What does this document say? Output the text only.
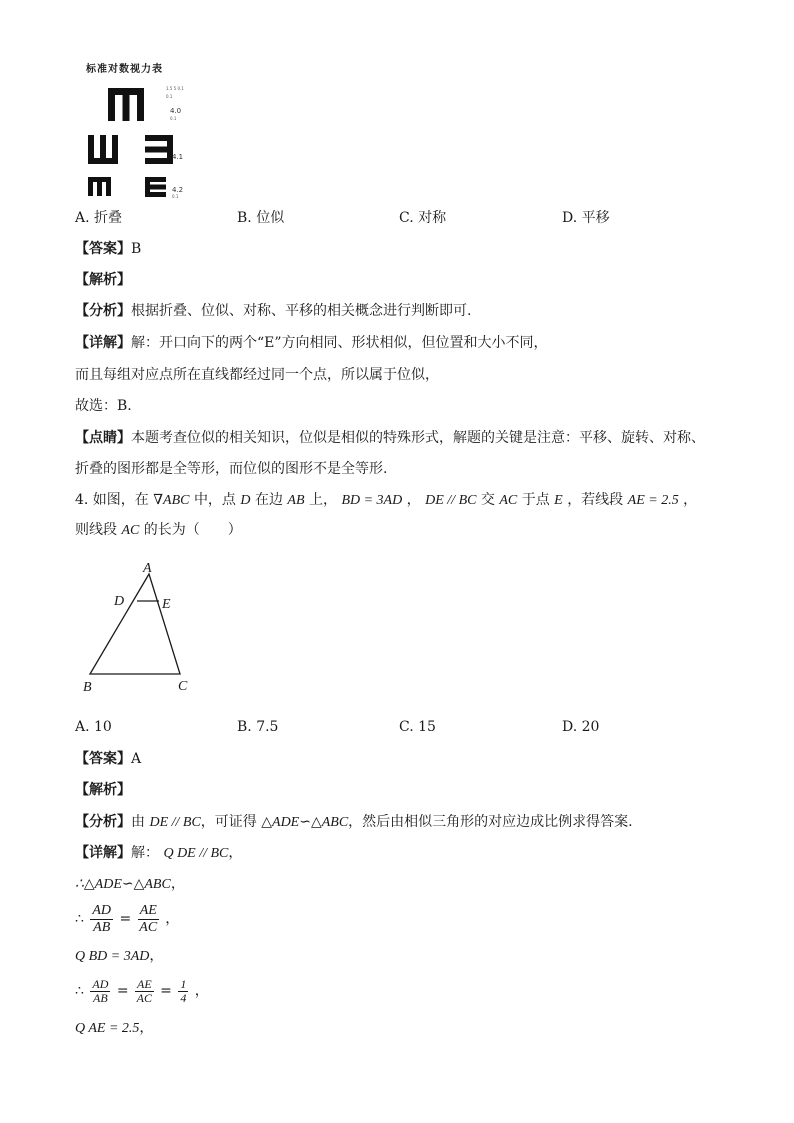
标准对数视力表
1.5 5 0.1
0.1
4.0
0.1
4.1
4.2
0.1
A. 折叠	B. 位似	C. 对称	D. 平移
【答案】B
【解析】
【分析】根据折叠、位似、对称、平移的相关概念进行判断即可.
【详解】解：开口向下的两个“E”方向相同、形状相似，但位置和大小不同，
而且每组对应点所在直线都经过同一个点，所以属于位似，
故选：B.
【点睛】本题考查位似的相关知识，位似是相似的特殊形式，解题的关键是注意：平移、旋转、对称、
折叠的图形都是全等形，而位似的图形不是全等形.
4. 如图，在 ∇ABC 中，点 D 在边 AB 上， BD = 3AD ， DE // BC 交 AC 于点 E ，若线段 AE = 2.5 ，
则线段 AC 的长为（　　）
A
D	E
B	C
A. 10	B. 7.5	C. 15	D. 20
【答案】A
【解析】
【分析】由 DE // BC，可证得 △ADE∽△ABC，然后由相似三角形的对应边成比例求得答案.
【详解】解： Q DE // BC，
∴△ADE∽△ABC，
∴ $\frac{AD}{AB} = \frac{AE}{AC}$ ，
Q BD = 3AD，
∴ $\frac{AD}{AB} = \frac{AE}{AC} = \frac{1}{4}$ ，
Q AE = 2.5，
